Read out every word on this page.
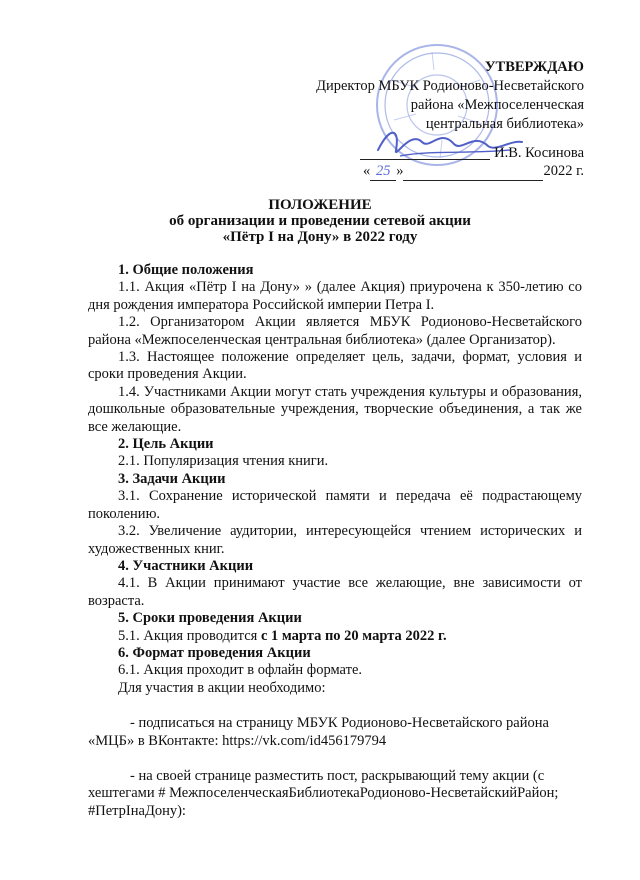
УТВЕРЖДАЮ
Директор МБУК Родионово-Несветайского
района «Межпоселенческая
центральная библиотека»
И.В. Косинова
« 25 »	2022 г.
ПОЛОЖЕНИЕ
об организации и проведении сетевой акции
«Пётр I на Дону» в 2022 году

1. Общие положения

1.1. Акция «Пётр I на Дону» » (далее Акция) приурочена к 350-летию со дня рождения императора Российской империи Петра I.

1.2. Организатором Акции является МБУК Родионово-Несветайского района «Межпоселенческая центральная библиотека» (далее Организатор).

1.3. Настоящее положение определяет цель, задачи, формат, условия и сроки проведения Акции.

1.4. Участниками Акции могут стать учреждения культуры и образования, дошкольные образовательные учреждения, творческие объединения, а так же все желающие.

2. Цель Акции

2.1. Популяризация чтения книги.

3. Задачи Акции

3.1. Сохранение исторической памяти и передача её подрастающему поколению.

3.2. Увеличение аудитории, интересующейся чтением исторических и художественных книг.

4. Участники Акции

4.1. В Акции принимают участие все желающие, вне зависимости от возраста.

5. Сроки проведения Акции

5.1. Акция проводится с 1 марта по 20 марта 2022 г.

6. Формат проведения Акции

6.1. Акция проходит в офлайн формате.

Для участия в акции необходимо:

- подписаться на страницу МБУК Родионово-Несветайского района «МЦБ» в ВКонтакте: https://vk.com/id456179794

- на своей странице разместить пост, раскрывающий тему акции (с хештегами # МежпоселенческаяБиблиотекаРодионово-НесветайскийРайон; #ПетрIнаДону):
